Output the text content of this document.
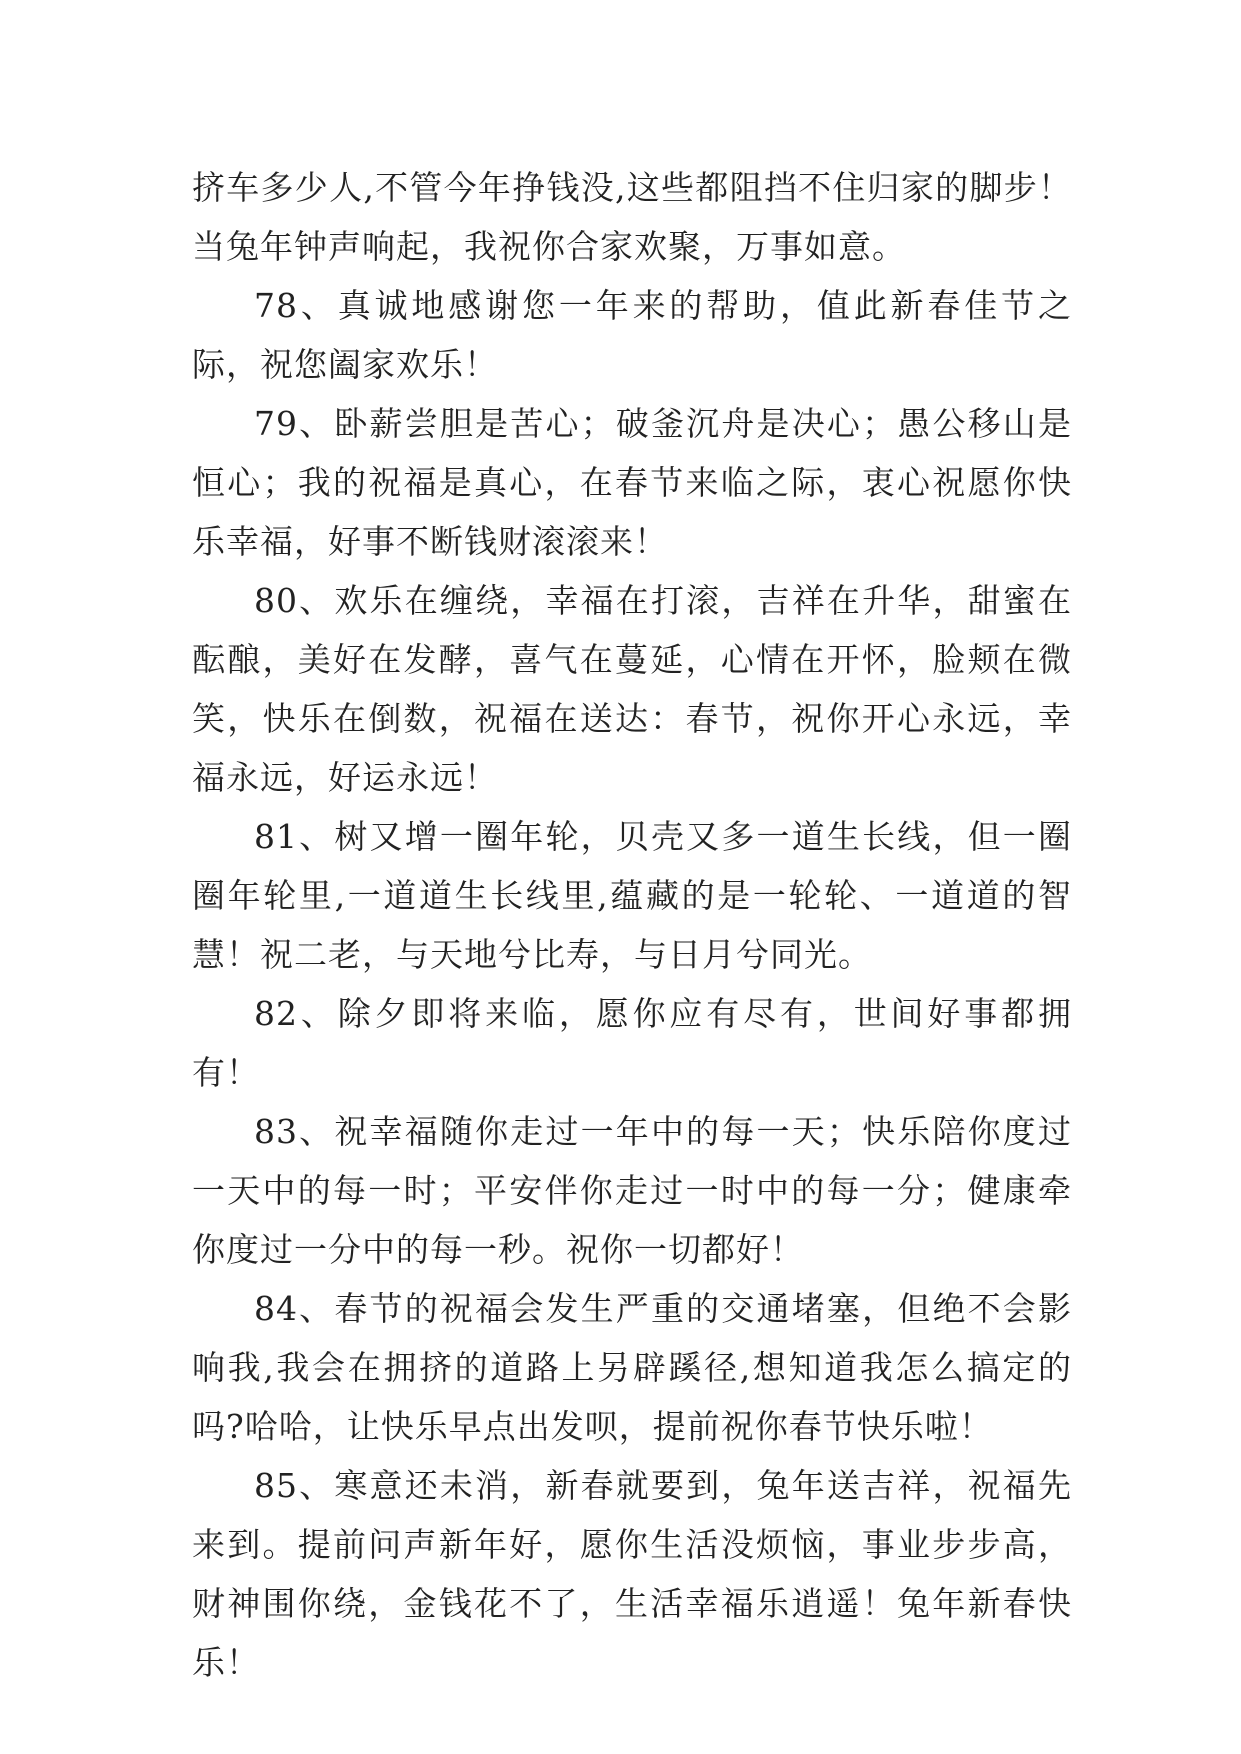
挤车多少人,不管今年挣钱没,这些都阻挡不住归家的脚步！当兔年钟声响起，我祝你合家欢聚，万事如意。

78、真诚地感谢您一年来的帮助，值此新春佳节之际，祝您阖家欢乐！

79、卧薪尝胆是苦心；破釜沉舟是决心；愚公移山是恒心；我的祝福是真心，在春节来临之际，衷心祝愿你快乐幸福，好事不断钱财滚滚来！

80、欢乐在缠绕，幸福在打滚，吉祥在升华，甜蜜在酝酿，美好在发酵，喜气在蔓延，心情在开怀，脸颊在微笑，快乐在倒数，祝福在送达：春节，祝你开心永远，幸福永远，好运永远！

81、树又增一圈年轮，贝壳又多一道生长线，但一圈圈年轮里,一道道生长线里,蕴藏的是一轮轮、一道道的智慧！祝二老，与天地兮比寿，与日月兮同光。

82、除夕即将来临，愿你应有尽有，世间好事都拥有！

83、祝幸福随你走过一年中的每一天；快乐陪你度过一天中的每一时；平安伴你走过一时中的每一分；健康牵你度过一分中的每一秒。祝你一切都好！

84、春节的祝福会发生严重的交通堵塞，但绝不会影响我,我会在拥挤的道路上另辟蹊径,想知道我怎么搞定的吗?哈哈，让快乐早点出发呗，提前祝你春节快乐啦！

85、寒意还未消，新春就要到，兔年送吉祥，祝福先来到。提前问声新年好，愿你生活没烦恼，事业步步高，财神围你绕，金钱花不了，生活幸福乐逍遥！兔年新春快乐！
